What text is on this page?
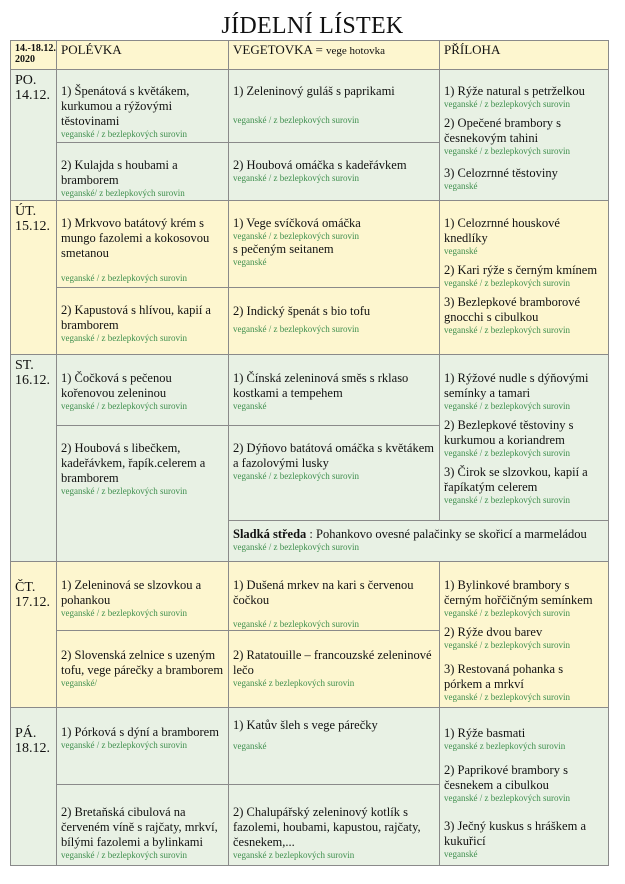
JÍDELNÍ LÍSTEK
14.-18.12. 2020
POLÉVKA	VEGETOVKA = vege hotovka	PŘÍLOHA
PO.
14.12. 1) Špenátová s květákem, kurkumou a rýžovými těstovinami
veganské / z bezlepkových surovin
2) Kulajda s houbami a bramborem
veganské/ z bezlepkových surovin
1) Zeleninový guláš s paprikami
veganské / z bezlepkových surovin
2) Houbová omáčka s kadeřávkem
veganské / z bezlepkových surovin
1) Rýže natural s petrželkou
veganské / z bezlepkových surovin
2) Opečené brambory s česnekovým tahini
veganské / z bezlepkových surovin
3) Celozrnné těstoviny
veganské
ÚT.
15.12. 1) Mrkvovo batátový krém s mungo fazolemi a kokosovou smetanou
veganské / z bezlepkových surovin
2) Kapustová s hlívou, kapií a bramborem
veganské / z bezlepkových surovin
1) Vege svíčková omáčka
veganské / z bezlepkových surovin
s pečeným seitanem
veganské
2) Indický špenát s bio tofu
veganské / z bezlepkových surovin
1) Celozrnné houskové knedlíky
veganské
2) Kari rýže s černým kmínem
veganské / z bezlepkových surovin
3) Bezlepkové bramborové gnocchi s cibulkou
veganské / z bezlepkových surovin
ST.
16.12. 1) Čočková s pečenou kořenovou zeleninou
veganské / z bezlepkových surovin
2) Houbová s libečkem, kadeřávkem, řapík.celerem a bramborem
veganské / z bezlepkových surovin
1) Čínská zeleninová směs s rklaso kostkami a tempehem
veganské
2) Dýňovo batátová omáčka s květákem a fazolovými lusky
veganské / z bezlepkových surovin
1) Rýžové nudle s dýňovými semínky a tamari
veganské / z bezlepkových surovin
2) Bezlepkové těstoviny s kurkumou a koriandrem
veganské / z bezlepkových surovin
3) Čirok se slzovkou, kapií a řapíkatým celerem
veganské / z bezlepkových surovin
Sladká středa : Pohankovo ovesné palačinky se skořicí a marmeládou
veganské / z bezlepkových surovin
ČT.
17.12.
1) Zeleninová se slzovkou a pohankou
veganské / z bezlepkových surovin
2) Slovenská zelnice s uzeným tofu, vege párečky a bramborem
veganské/
1) Dušená mrkev na kari s červenou čočkou
veganské / z bezlepkových surovin
2) Ratatouille – francouzské zeleninové lečo
veganské z bezlepkových surovin
1) Bylinkové brambory s černým hořčičným semínkem
veganské / z bezlepkových surovin
2) Rýže dvou barev
veganské / z bezlepkových surovin
3) Restovaná pohanka s pórkem a mrkví
veganské / z bezlepkových surovin
PÁ.
18.12.
1) Pórková s dýní a bramborem
veganské / z bezlepkových surovin
2) Bretaňská cibulová na červeném víně s rajčaty, mrkví, bílými fazolemi a bylinkami
veganské / z bezlepkových surovin
1) Katův šleh s vege párečky
veganské
2) Chalupářský zeleninový kotlík s fazolemi, houbami, kapustou, rajčaty, česnekem,...
veganské z bezlepkových surovin
1) Rýže basmati
veganské z bezlepkových surovin
2) Paprikové brambory s česnekem a cibulkou
veganské / z bezlepkových surovin
3) Ječný kuskus s hráškem a kukuřicí
veganské
